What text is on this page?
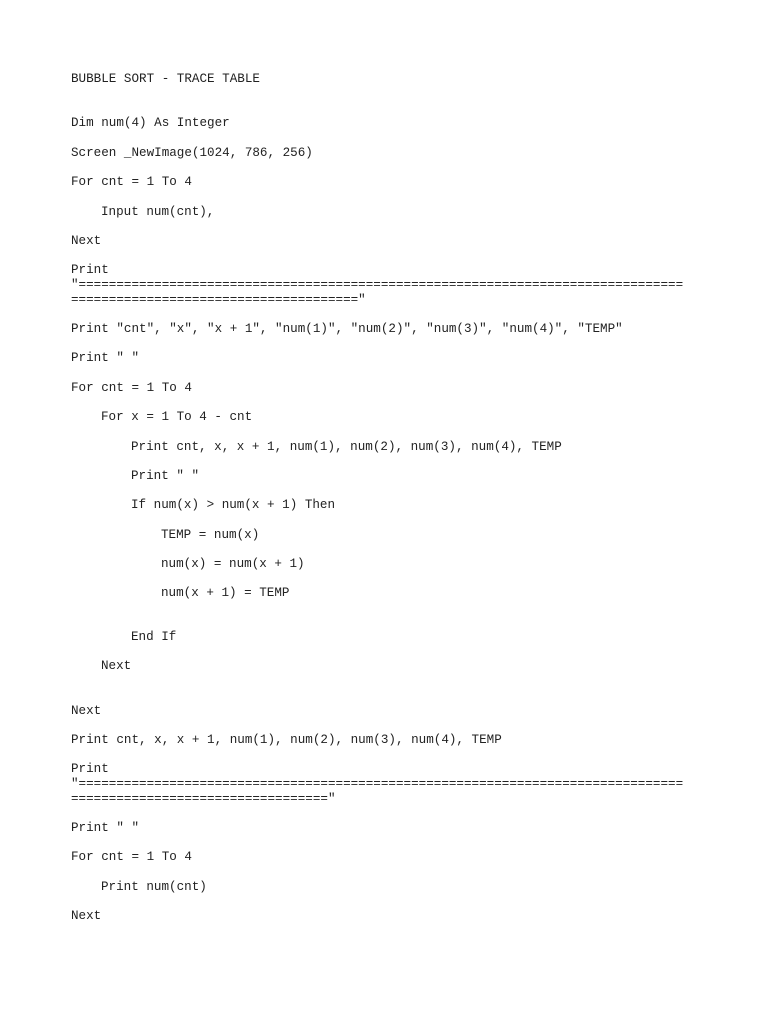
BUBBLE SORT - TRACE TABLE
Dim num(4) As Integer
Screen _NewImage(1024, 786, 256)
For cnt = 1 To 4
Input num(cnt),
Next
Print
"================================================================================
======================================"
Print "cnt", "x", "x + 1", "num(1)", "num(2)", "num(3)", "num(4)", "TEMP"
Print " "
For cnt = 1 To 4
For x = 1 To 4 - cnt
Print cnt, x, x + 1, num(1), num(2), num(3), num(4), TEMP
Print " "
If num(x) > num(x + 1) Then
TEMP = num(x)
num(x) = num(x + 1)
num(x + 1) = TEMP
End If
Next
Next
Print cnt, x, x + 1, num(1), num(2), num(3), num(4), TEMP
Print
"================================================================================
=================================="
Print " "
For cnt = 1 To 4
Print num(cnt)
Next
